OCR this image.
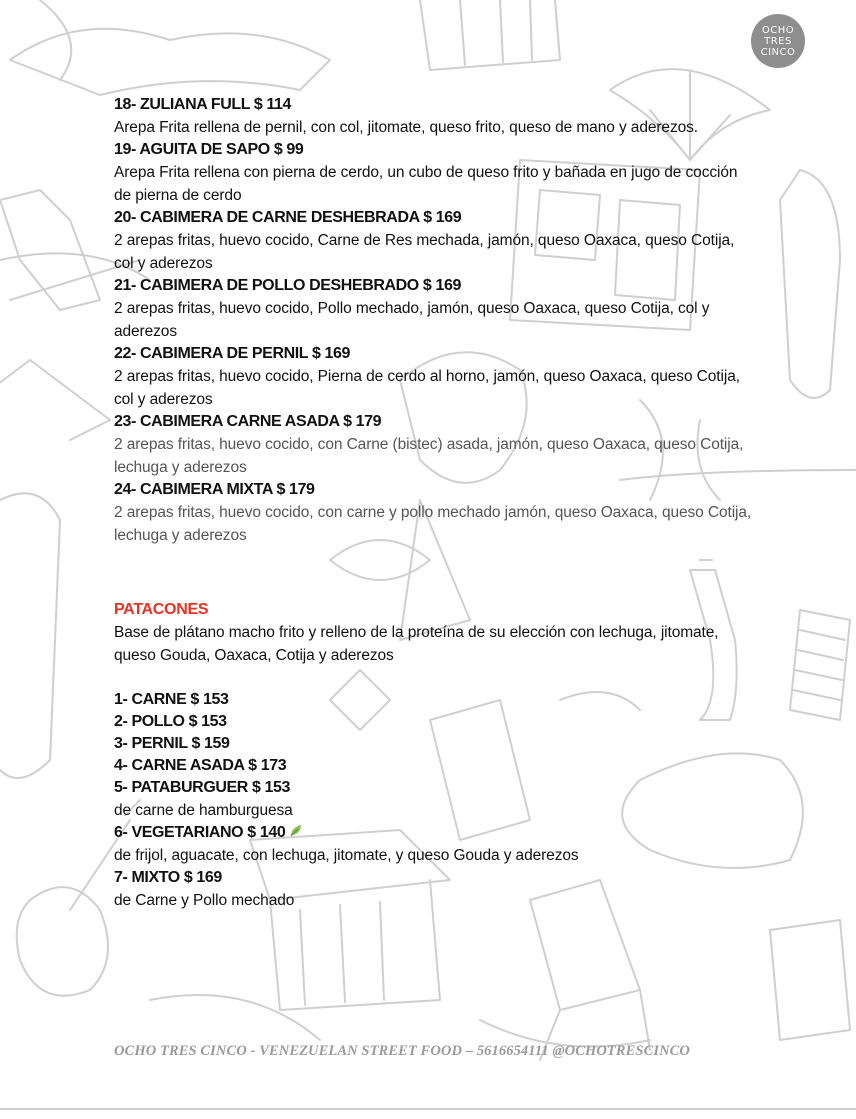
OCHO
TRES
CINCO

18- ZULIANA FULL $ 114

Arepa Frita rellena de pernil, con col, jitomate, queso frito, queso de mano y aderezos.

19- AGUITA DE SAPO $ 99

Arepa Frita rellena con pierna de cerdo, un cubo de queso frito y bañada en jugo de cocción de pierna de cerdo

20- CABIMERA DE CARNE DESHEBRADA $ 169

2 arepas fritas, huevo cocido, Carne de Res mechada, jamón, queso Oaxaca, queso Cotija, col y aderezos

21- CABIMERA DE POLLO DESHEBRADO $ 169

2 arepas fritas, huevo cocido, Pollo mechado, jamón, queso Oaxaca, queso Cotija, col y aderezos

22- CABIMERA DE PERNIL $ 169

2 arepas fritas, huevo cocido, Pierna de cerdo al horno, jamón, queso Oaxaca, queso Cotija, col y aderezos

23- CABIMERA CARNE ASADA $ 179

2 arepas fritas, huevo cocido, con Carne (bistec) asada, jamón, queso Oaxaca, queso Cotija, lechuga y aderezos

24- CABIMERA MIXTA $ 179

2 arepas fritas, huevo cocido, con carne y pollo mechado jamón, queso Oaxaca, queso Cotija, lechuga y aderezos

PATACONES

Base de plátano macho frito y relleno de la proteína de su elección con lechuga, jitomate, queso Gouda, Oaxaca, Cotija y aderezos

1- CARNE $ 153

2- POLLO $ 153

3- PERNIL $ 159

4- CARNE ASADA $ 173

5- PATABURGUER $ 153

de carne de hamburguesa

6- VEGETARIANO $ 140

de frijol, aguacate, con lechuga, jitomate, y queso Gouda y aderezos

7- MIXTO $ 169

de Carne y Pollo mechado

OCHO TRES CINCO - VENEZUELAN STREET FOOD – 5616654111 @OCHOTRESCINCO
